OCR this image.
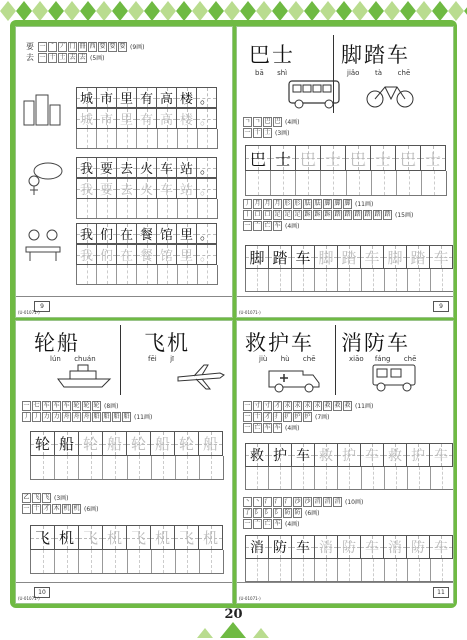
要 一 ˉ 丆 冂 冊 西 要 要 要 (9画)
去 一 十 土 去 去 (5画)
城 市 里 有 高 楼 。
城 市 里 有 高 楼 。
我 要 去 火 车 站 。
我 要 去 火 车 站 。
我 们 在 餐 馆 里 。
我 们 在 餐 馆 里 。
9
(U-01071-)
巴士 脚踏车
bā shì	jiǎo tà chē
ㄱ ㄱ 巴 巴 (4画)
一 十 士 (3画)
巴 士 巴 士 巴 士 巴 士
丿 月 月 月 肜 肜 胠 胠 脚 脚 脚 (11画)
丨 口 口 足 足 足 跅 跅 跅 踏 踏 踏 踏 踏 踏 (15画)
一 亠 亡 车 (4画)
脚 踏 车 脚 踏 车 脚 踏 车
9
(U-01071-)
轮船	飞机
lún chuán	fēi jī
一 七 车 车 车 轮 轮 轮 (8画)
丿 丿 力 力 舟 舟 舟 船 船 船 船 (11画)
轮 船 轮 船 轮 船 轮 船
乙 飞 飞 (3画)
一 十 才 木 机 机 (6画)
飞 机 飞 机 飞 机 飞 机
10
(U-01071-)
救护车 消防车
jiù hù chē	xiāo fáng chē
一 寸 寸 才 求 求 求 求 救 救 救 (11画)
一 十 才 扌 扩 护 护 (7画)
一 亡 车 车 (4画)
救 护 车 救 护 车 救 护 车
丶 丶 氵 氵 氵 沙 沙 消 消 消 (10画)
了 阝 阝 阝 防 防 (6画)
一 亠 亡 车 (4画)
消 防 车 消 防 车 消 防 车
11
(U-01071-)
20
